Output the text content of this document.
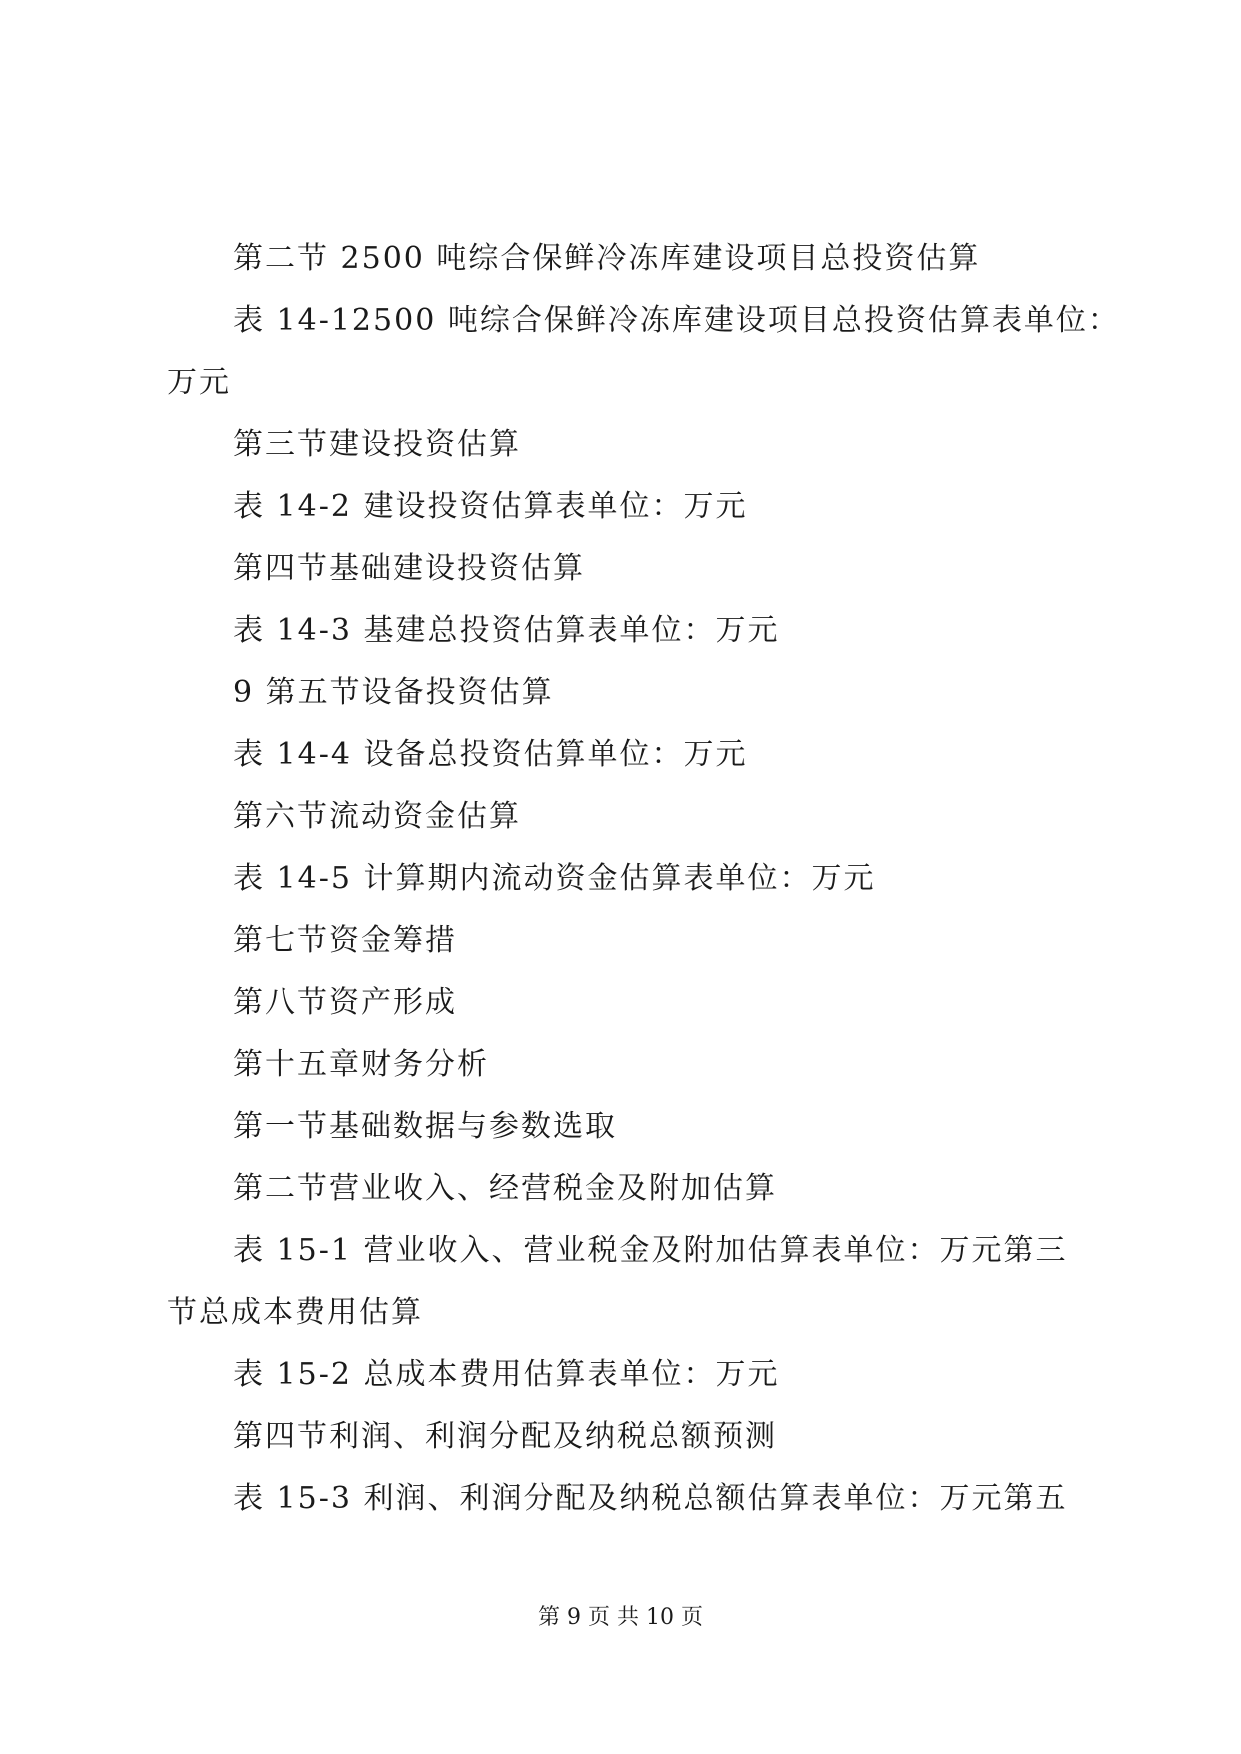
第二节 2500 吨综合保鲜冷冻库建设项目总投资估算
表 14-12500 吨综合保鲜冷冻库建设项目总投资估算表单位：
万元
第三节建设投资估算
表 14-2 建设投资估算表单位：万元
第四节基础建设投资估算
表 14-3 基建总投资估算表单位：万元
9 第五节设备投资估算
表 14-4 设备总投资估算单位：万元
第六节流动资金估算
表 14-5 计算期内流动资金估算表单位：万元
第七节资金筹措
第八节资产形成
第十五章财务分析
第一节基础数据与参数选取
第二节营业收入、经营税金及附加估算
表 15-1 营业收入、营业税金及附加估算表单位：万元第三
节总成本费用估算
表 15-2 总成本费用估算表单位：万元
第四节利润、利润分配及纳税总额预测
表 15-3 利润、利润分配及纳税总额估算表单位：万元第五
第 9 页 共 10 页
